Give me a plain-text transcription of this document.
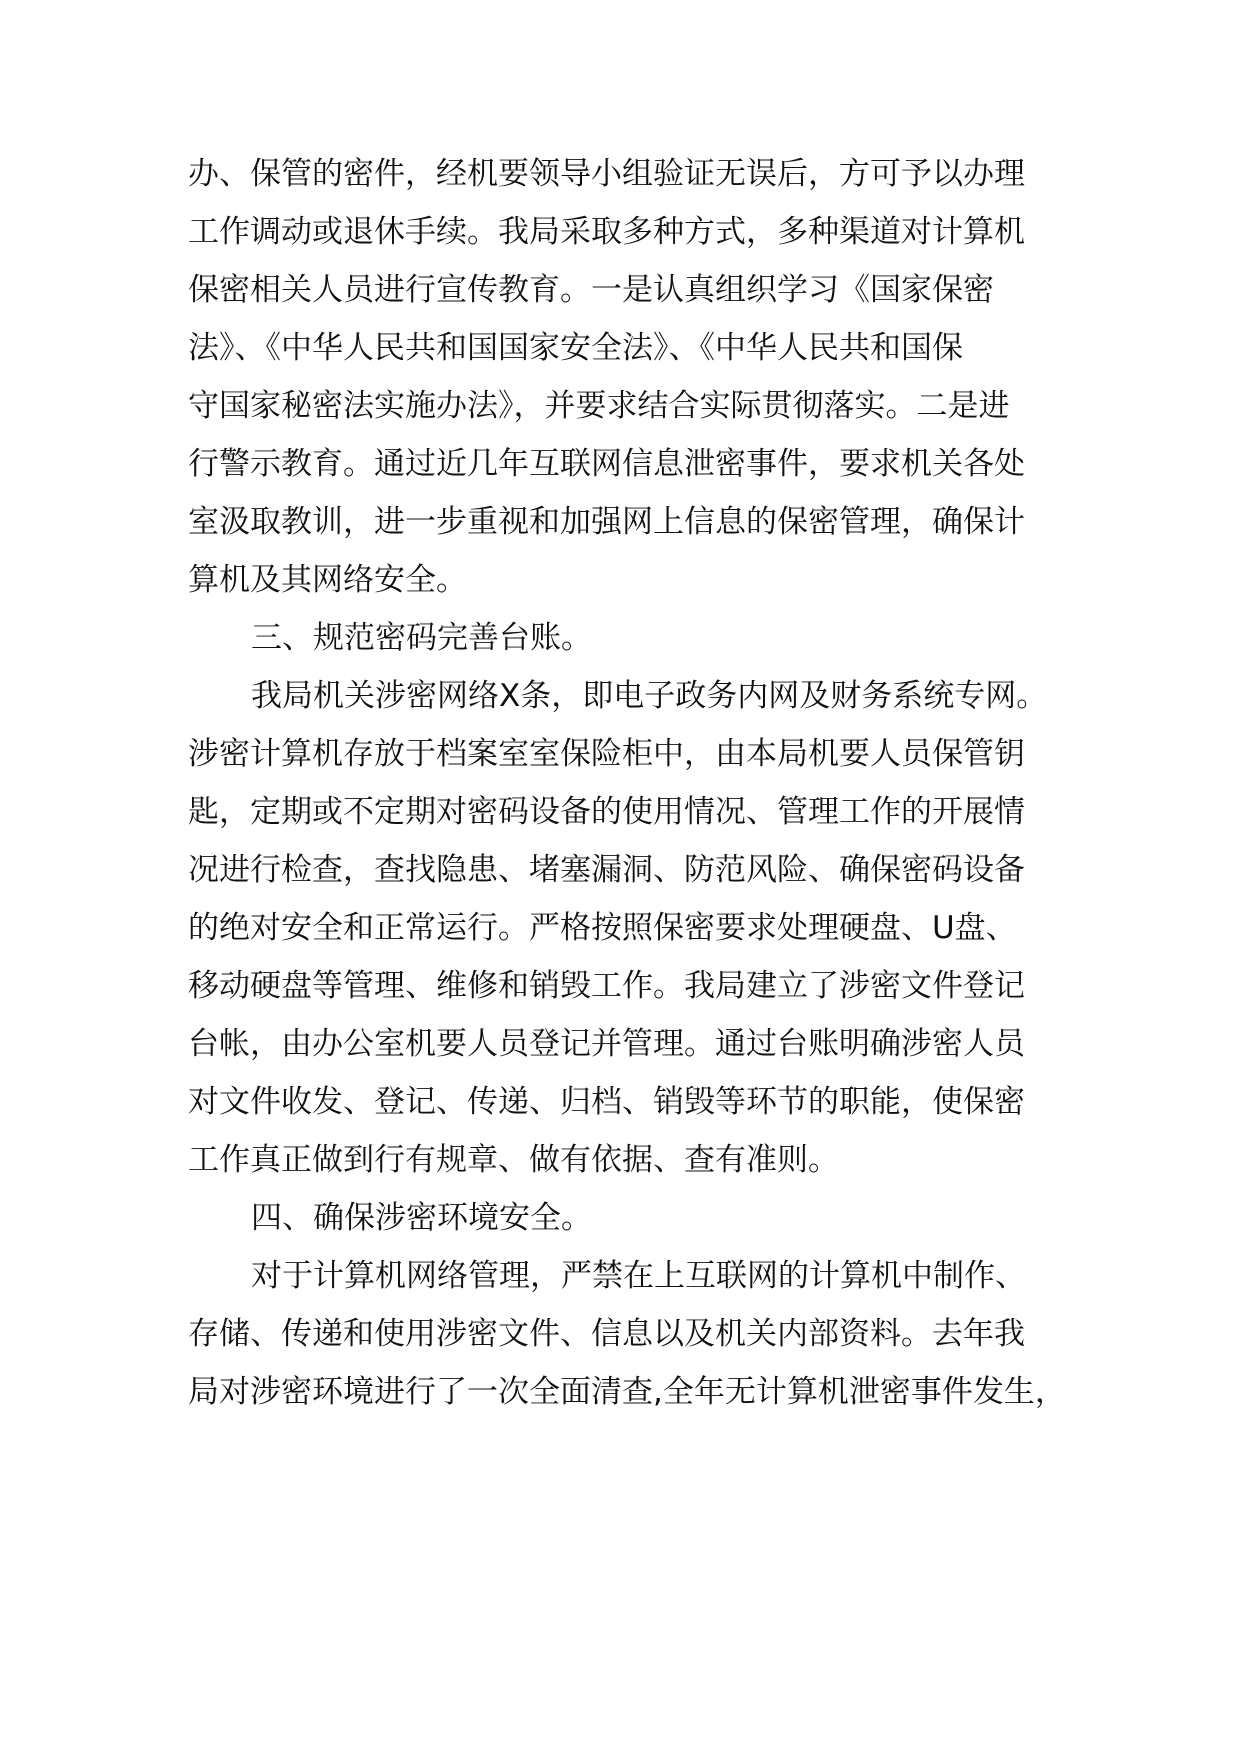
办、保管的密件，经机要领导小组验证无误后，方可予以办理
工作调动或退休手续。我局采取多种方式，多种渠道对计算机
保密相关人员进行宣传教育。一是认真组织学习《国家保密
法》、《中华人民共和国国家安全法》、《中华人民共和国保
守国家秘密法实施办法》，并要求结合实际贯彻落实。二是进
行警示教育。通过近几年互联网信息泄密事件，要求机关各处
室汲取教训，进一步重视和加强网上信息的保密管理，确保计
算机及其网络安全。
三、规范密码完善台账。
我局机关涉密网络X条，即电子政务内网及财务系统专网。
涉密计算机存放于档案室室保险柜中，由本局机要人员保管钥
匙，定期或不定期对密码设备的使用情况、管理工作的开展情
况进行检查，查找隐患、堵塞漏洞、防范风险、确保密码设备
的绝对安全和正常运行。严格按照保密要求处理硬盘、U盘、
移动硬盘等管理、维修和销毁工作。我局建立了涉密文件登记
台帐，由办公室机要人员登记并管理。通过台账明确涉密人员
对文件收发、登记、传递、归档、销毁等环节的职能，使保密
工作真正做到行有规章、做有依据、查有准则。
四、确保涉密环境安全。
对于计算机网络管理，严禁在上互联网的计算机中制作、
存储、传递和使用涉密文件、信息以及机关内部资料。去年我
局对涉密环境进行了一次全面清查,全年无计算机泄密事件发生，
